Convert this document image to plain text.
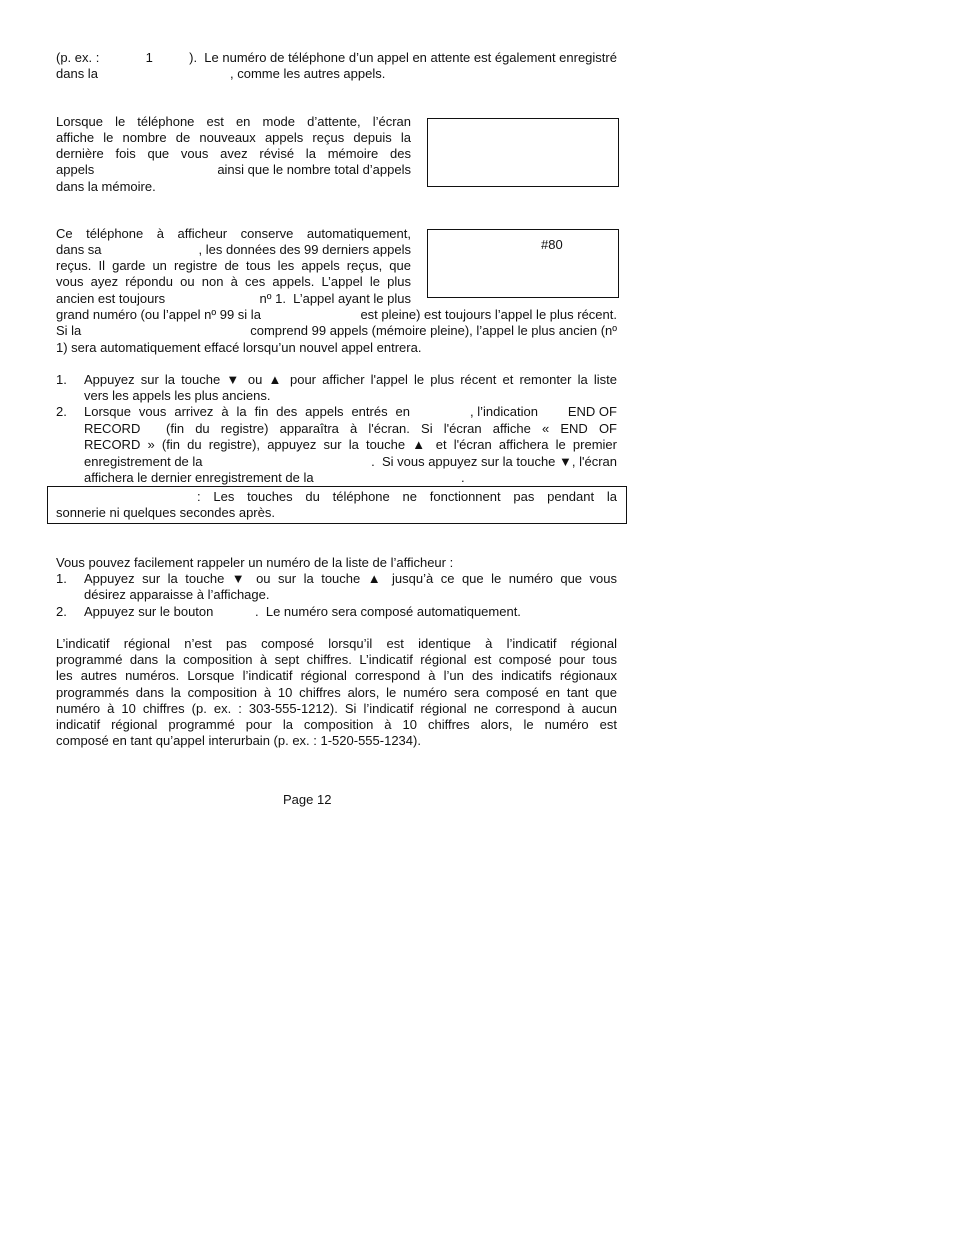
(p. ex. :	1	).  Le numéro de téléphone d’un appel en attente est également enregistré
dans la	, comme les autres appels.
Lorsque le téléphone est en mode d’attente, l’écran
affiche le nombre de nouveaux appels reçus depuis la
dernière fois que vous avez révisé la mémoire des
appels	ainsi que le nombre total d’appels
dans la mémoire.
Ce téléphone à afficheur conserve automatiquement,
dans sa	, les données des 99 derniers appels
reçus. Il garde un registre de tous les appels reçus, que
vous ayez répondu ou non à ces appels. L’appel le plus
ancien est toujours	nº 1.  L’appel ayant le plus
grand numéro (ou l’appel nº 99 si la	est pleine) est toujours l’appel le plus récent.
Si la	comprend 99 appels (mémoire pleine), l’appel le plus ancien (nº
1) sera automatiquement effacé lorsqu’un nouvel appel entrera.
#80
1. Appuyez sur la touche ▼ ou ▲ pour afficher l'appel le plus récent et remonter la liste
vers les appels les plus anciens.
2. Lorsque vous arrivez à la fin des appels entrés en	, l’indication	END OF
RECORD (fin du registre) apparaîtra à l'écran. Si l'écran affiche « END OF
RECORD » (fin du registre), appuyez sur la touche ▲ et l'écran affichera le premier
enregistrement de la	.  Si vous appuyez sur la touche ▼, l'écran
affichera le dernier enregistrement de la	.
: Les touches du téléphone ne fonctionnent pas pendant la
sonnerie ni quelques secondes après.
Vous pouvez facilement rappeler un numéro de la liste de l’afficheur :
1. Appuyez sur la touche ▼ ou sur la touche ▲ jusqu’à ce que le numéro que vous
désirez apparaisse à l’affichage.
2. Appuyez sur le bouton	.  Le numéro sera composé automatiquement.
L’indicatif régional n’est pas composé lorsqu’il est identique à l’indicatif régional
programmé dans la composition à sept chiffres. L’indicatif régional est composé pour tous
les autres numéros. Lorsque l’indicatif régional correspond à l’un des indicatifs régionaux
programmés dans la composition à 10 chiffres alors, le numéro sera composé en tant que
numéro à 10 chiffres (p. ex. : 303-555-1212). Si l’indicatif régional ne correspond à aucun
indicatif régional programmé pour la composition à 10 chiffres alors, le numéro est
composé en tant qu’appel interurbain (p. ex. : 1-520-555-1234).
Page 12
